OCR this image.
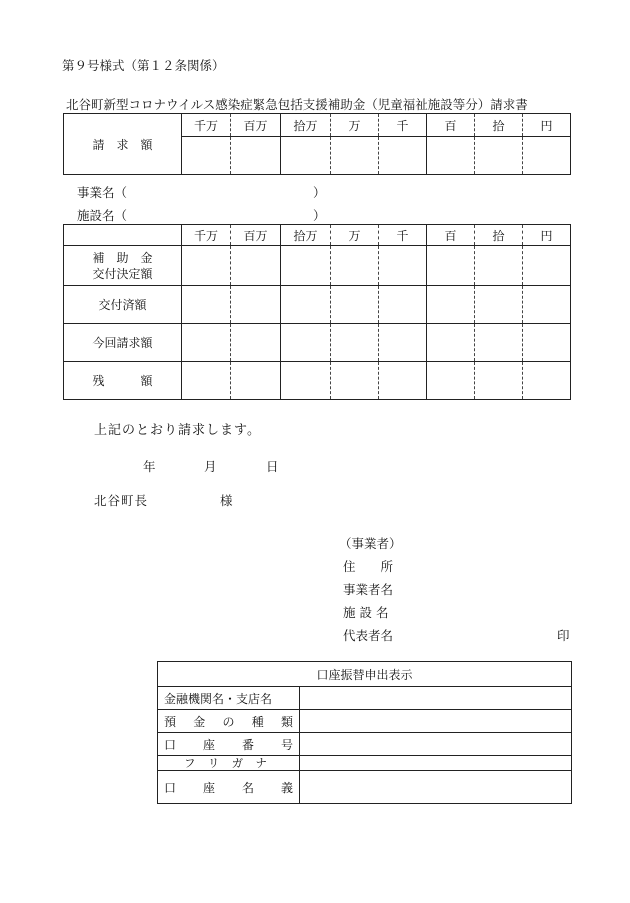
第９号様式（第１２条関係）
北谷町新型コロナウイルス感染症緊急包括支援補助金（児童福祉施設等分）請求書
請　求　額	千万	百万	拾万	万	千	百	拾	円

事業名（	）
施設名（	）
	千万	百万	拾万	万	千	百	拾	円

補　助　金
交付決定額								

交付済額								
今回請求額								
残　　　額								
上記のとおり請求します。
年	月	日
北谷町長	様
（事業者）
住　　所
事業者名
施 設 名
代表者名	印
口座振替申出表示	
金融機関名・支店名	

預 金 の 種 類	

口 座 番 号	

フ リ ガ ナ	

口 座 名 義	
